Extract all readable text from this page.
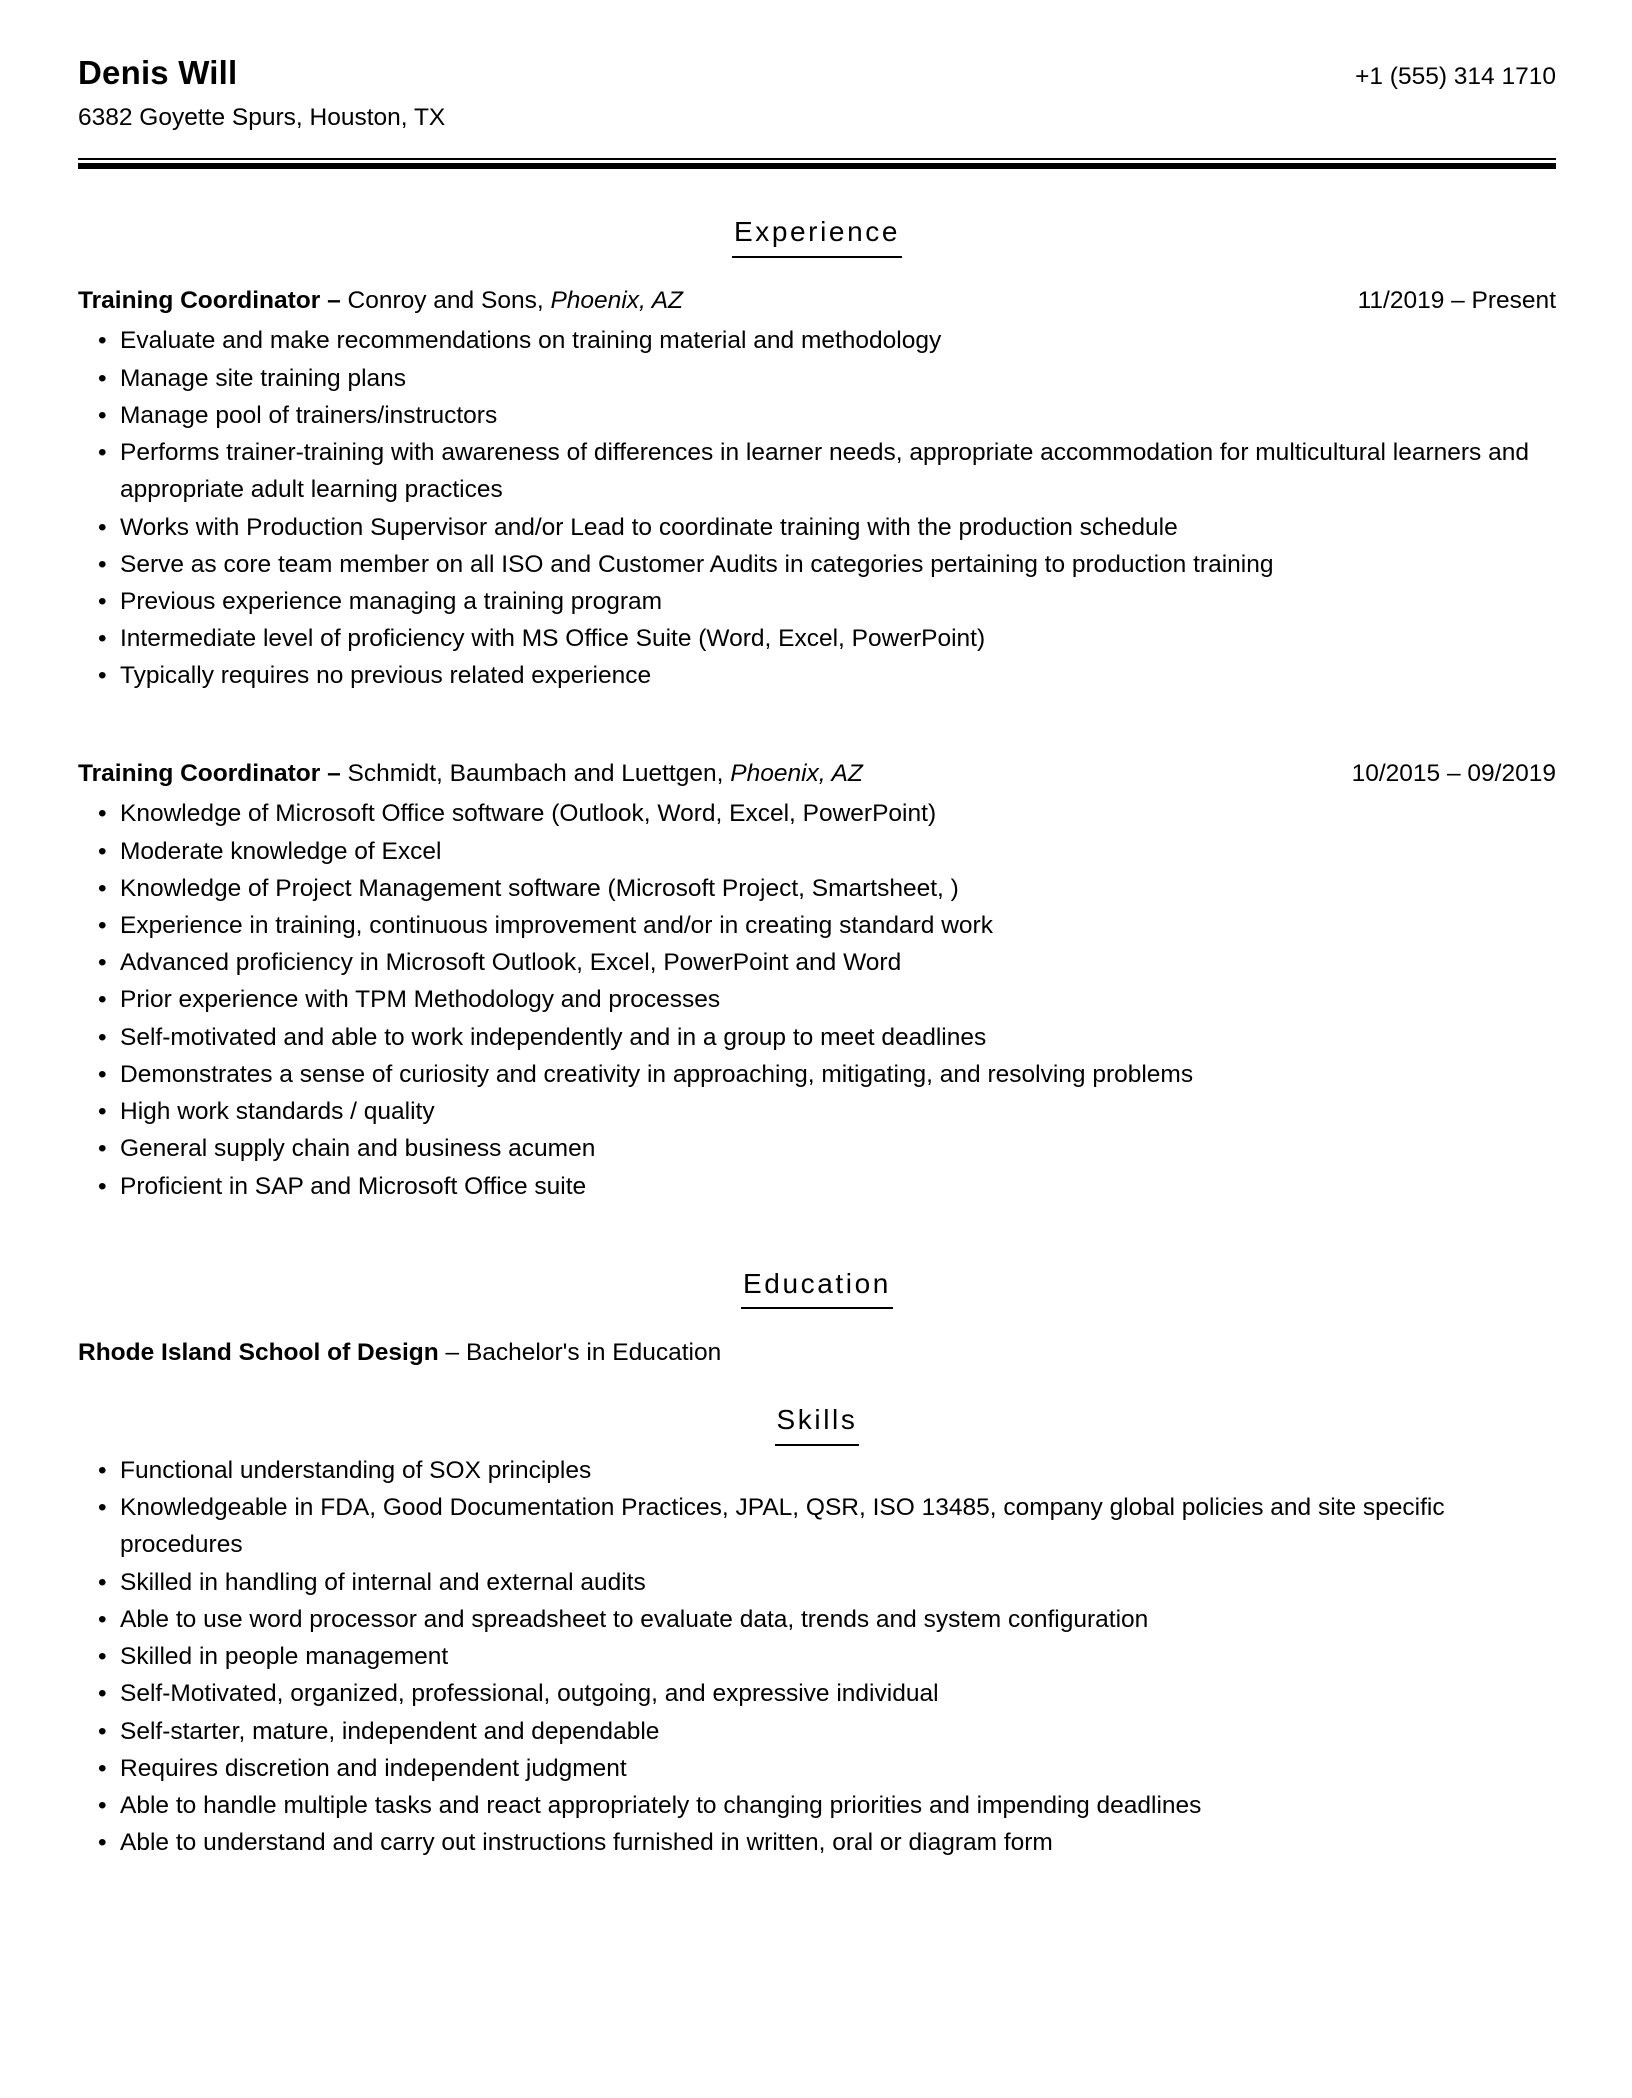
Denis Will	+1 (555) 314 1710
6382 Goyette Spurs, Houston, TX
Experience
Training Coordinator – Conroy and Sons, Phoenix, AZ	11/2019 – Present
• Evaluate and make recommendations on training material and methodology
• Manage site training plans
• Manage pool of trainers/instructors
• Performs trainer-training with awareness of differences in learner needs, appropriate accommodation for multicultural learners and appropriate adult learning practices
• Works with Production Supervisor and/or Lead to coordinate training with the production schedule
• Serve as core team member on all ISO and Customer Audits in categories pertaining to production training
• Previous experience managing a training program
• Intermediate level of proficiency with MS Office Suite (Word, Excel, PowerPoint)
• Typically requires no previous related experience
Training Coordinator – Schmidt, Baumbach and Luettgen, Phoenix, AZ	10/2015 – 09/2019
• Knowledge of Microsoft Office software (Outlook, Word, Excel, PowerPoint)
• Moderate knowledge of Excel
• Knowledge of Project Management software (Microsoft Project, Smartsheet, )
• Experience in training, continuous improvement and/or in creating standard work
• Advanced proficiency in Microsoft Outlook, Excel, PowerPoint and Word
• Prior experience with TPM Methodology and processes
• Self-motivated and able to work independently and in a group to meet deadlines
• Demonstrates a sense of curiosity and creativity in approaching, mitigating, and resolving problems
• High work standards / quality
• General supply chain and business acumen
• Proficient in SAP and Microsoft Office suite
Education
Rhode Island School of Design – Bachelor's in Education
Skills
• Functional understanding of SOX principles
• Knowledgeable in FDA, Good Documentation Practices, JPAL, QSR, ISO 13485, company global policies and site specific procedures
• Skilled in handling of internal and external audits
• Able to use word processor and spreadsheet to evaluate data, trends and system configuration
• Skilled in people management
• Self-Motivated, organized, professional, outgoing, and expressive individual
• Self-starter, mature, independent and dependable
• Requires discretion and independent judgment
• Able to handle multiple tasks and react appropriately to changing priorities and impending deadlines
• Able to understand and carry out instructions furnished in written, oral or diagram form
